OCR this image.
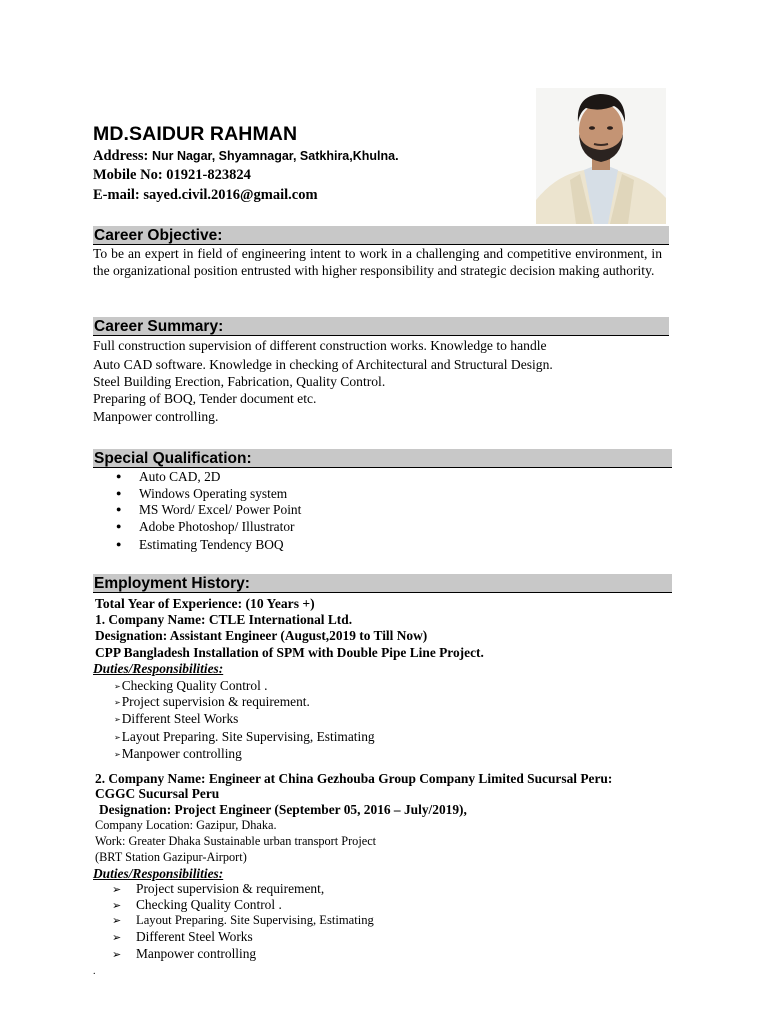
MD.SAIDUR RAHMAN
Address: Nur Nagar, Shyamnagar, Satkhira,Khulna.
Mobile No: 01921-823824
E-mail: sayed.civil.2016@gmail.com
Career Objective:
To be an expert in field of engineering intent to work in a challenging and competitive environment, in the organizational position entrusted with higher responsibility and strategic decision making authority.
Career Summary:
Full construction supervision of different construction works. Knowledge to handle
Auto CAD software. Knowledge in checking of Architectural and Structural Design.
Steel Building Erection, Fabrication, Quality Control.
Preparing of BOQ, Tender document etc.
Manpower controlling.
Special Qualification:
● Auto CAD, 2D
● Windows Operating system
● MS Word/ Excel/ Power Point
● Adobe Photoshop/ Illustrator
● Estimating Tendency BOQ
Employment History:
Total Year of Experience: (10 Years +)
1. Company Name: CTLE International Ltd.
Designation: Assistant Engineer (August,2019 to Till Now)
CPP Bangladesh Installation of SPM with Double Pipe Line Project.
Duties/Responsibilities:
➢Checking Quality Control .
➢Project supervision & requirement.
➢Different Steel Works
➢Layout Preparing. Site Supervising, Estimating
➢Manpower controlling
2. Company Name: Engineer at China Gezhouba Group Company Limited Sucursal Peru:
CGGC Sucursal Peru
Designation: Project Engineer (September 05, 2016 – July/2019),
Company Location: Gazipur, Dhaka.
Work: Greater Dhaka Sustainable urban transport Project
(BRT Station Gazipur-Airport)
Duties/Responsibilities:
➢ Project supervision & requirement,
➢ Checking Quality Control .
➢ Layout Preparing. Site Supervising, Estimating
➢ Different Steel Works
➢ Manpower controlling
.
